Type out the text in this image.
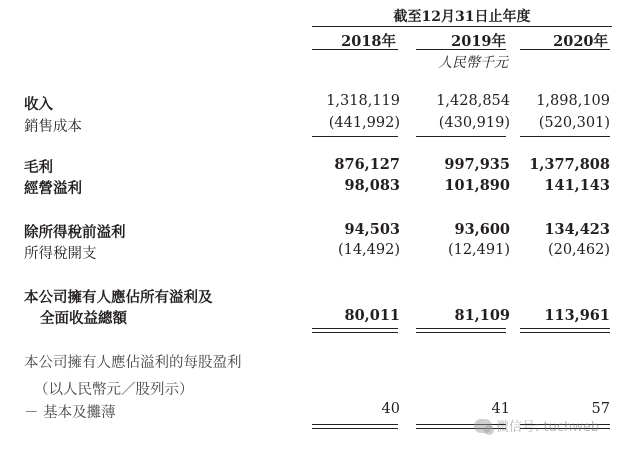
截至12月31日止年度
2018年	2019年	2020年
人民幣千元
收入	1,318,119	1,428,854	1,898,109
銷售成本	(441,992)	(430,919)	(520,301)
毛利	876,127	997,935	1,377,808
經營溢利	98,083	101,890	141,143
除所得稅前溢利	94,503	93,600	134,423
所得稅開支	(14,492)	(12,491)	(20,462)
本公司擁有人應佔所有溢利及
全面收益總額	80,011	81,109	113,961
本公司擁有人應佔溢利的每股盈利
（以人民幣元／股列示）
－ 基本及攤薄	40	41	57
微信号: tuchweb
